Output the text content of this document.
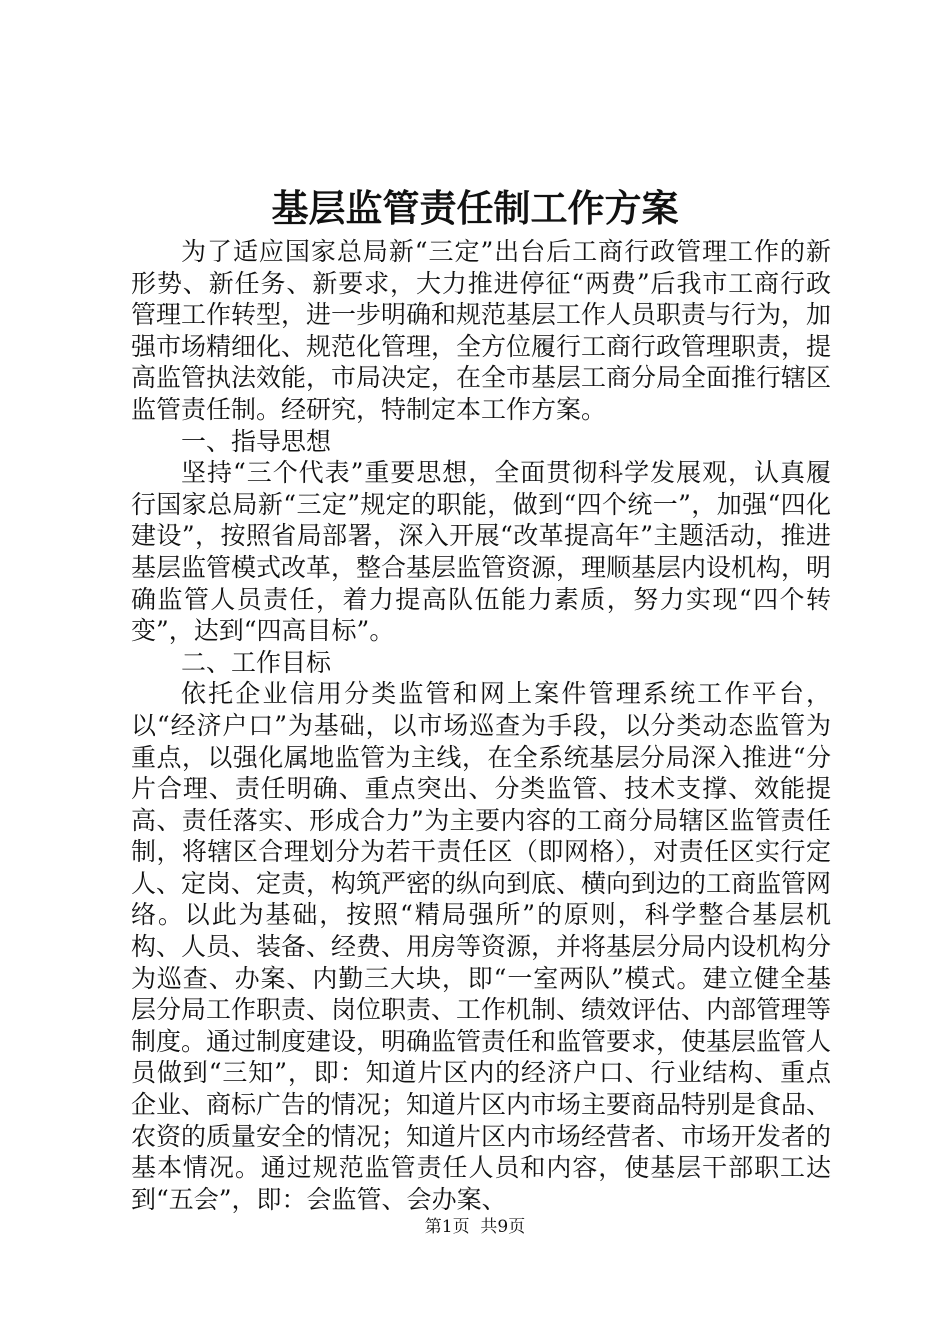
基层监管责任制工作方案

为了适应国家总局新“三定”出台后工商行政管理工作的新形势、新任务、新要求，大力推进停征“两费”后我市工商行政管理工作转型，进一步明确和规范基层工作人员职责与行为，加强市场精细化、规范化管理，全方位履行工商行政管理职责，提高监管执法效能，市局决定，在全市基层工商分局全面推行辖区监管责任制。经研究，特制定本工作方案。

一、指导思想

坚持“三个代表”重要思想，全面贯彻科学发展观，认真履行国家总局新“三定”规定的职能，做到“四个统一”，加强“四化建设”，按照省局部署，深入开展“改革提高年”主题活动，推进基层监管模式改革，整合基层监管资源，理顺基层内设机构，明确监管人员责任，着力提高队伍能力素质，努力实现“四个转变”，达到“四高目标”。

二、工作目标

依托企业信用分类监管和网上案件管理系统工作平台，以“经济户口”为基础，以市场巡查为手段，以分类动态监管为重点，以强化属地监管为主线，在全系统基层分局深入推进“分片合理、责任明确、重点突出、分类监管、技术支撑、效能提高、责任落实、形成合力”为主要内容的工商分局辖区监管责任制，将辖区合理划分为若干责任区（即网格），对责任区实行定人、定岗、定责，构筑严密的纵向到底、横向到边的工商监管网络。以此为基础，按照“精局强所”的原则，科学整合基层机构、人员、装备、经费、用房等资源，并将基层分局内设机构分为巡查、办案、内勤三大块，即“一室两队”模式。建立健全基层分局工作职责、岗位职责、工作机制、绩效评估、内部管理等制度。通过制度建设，明确监管责任和监管要求，使基层监管人员做到“三知”，即：知道片区内的经济户口、行业结构、重点企业、商标广告的情况；知道片区内市场主要商品特别是食品、农资的质量安全的情况；知道片区内市场经营者、市场开发者的基本情况。通过规范监管责任人员和内容，使基层干部职工达到“五会”，即：会监管、会办案、

第1页  共9页
